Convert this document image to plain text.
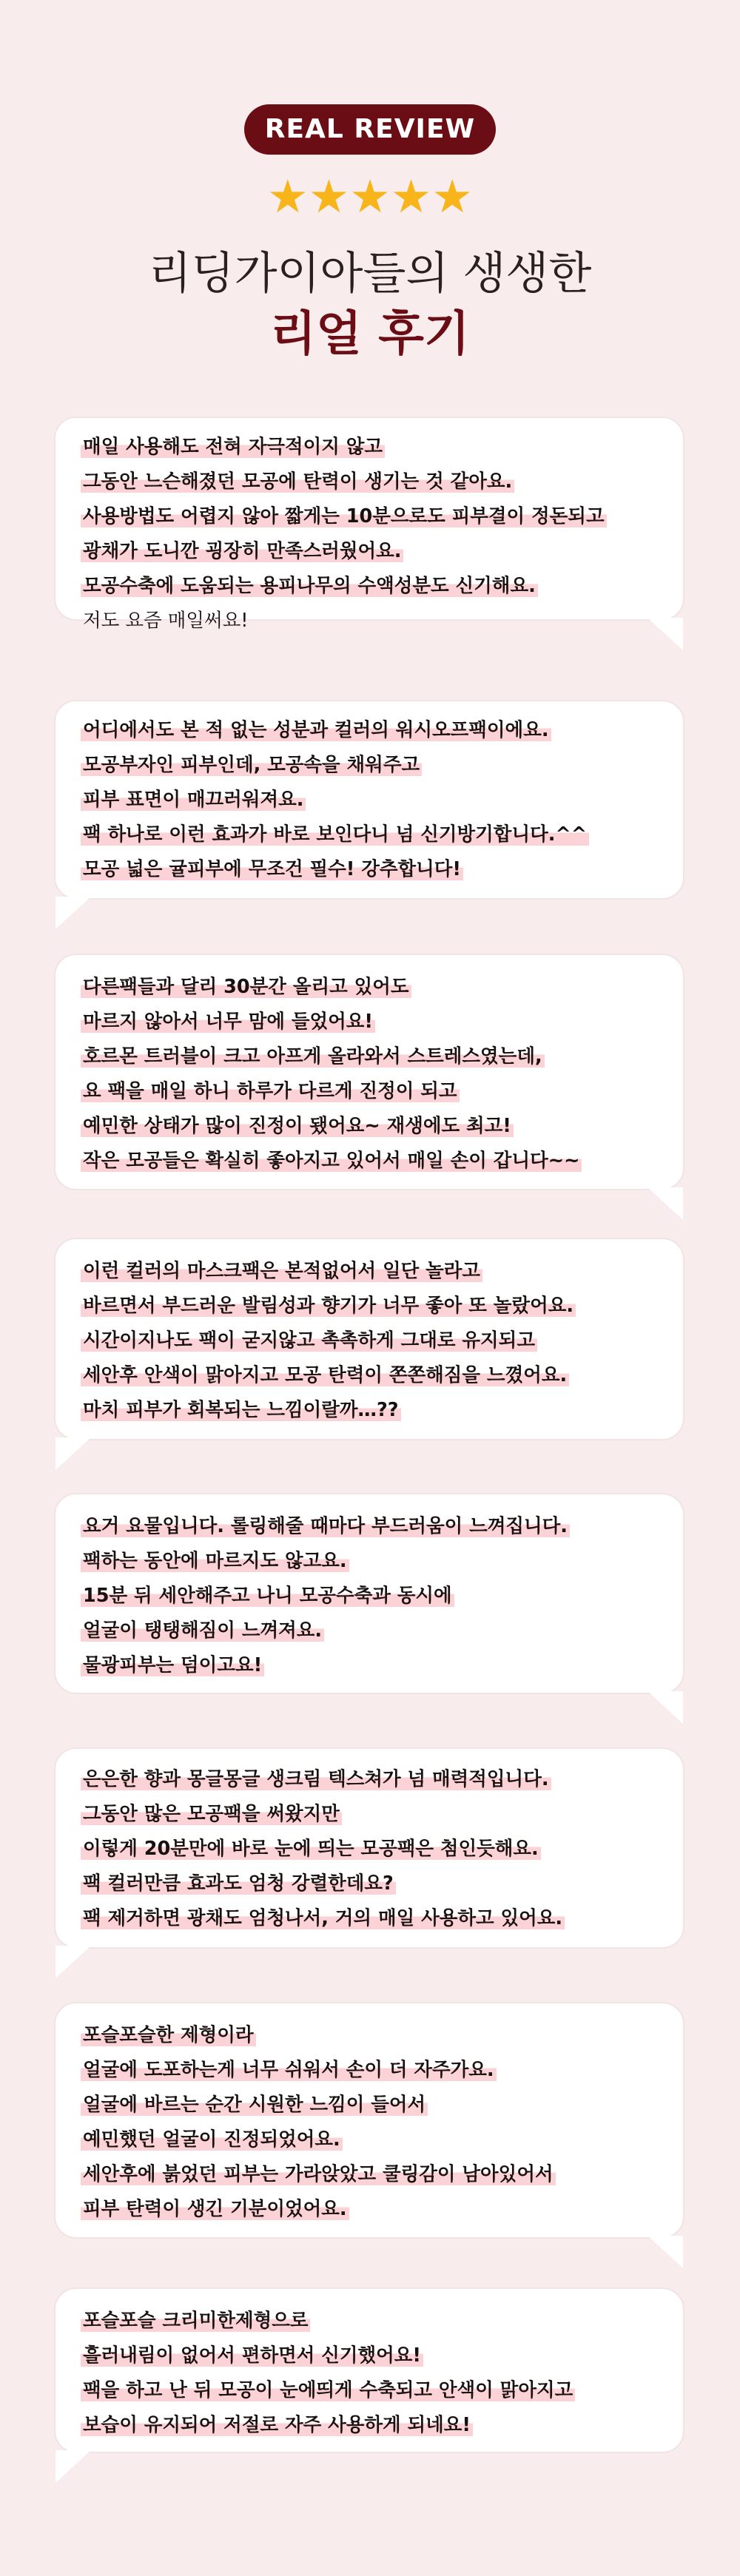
REAL REVIEW
★★★★★
리딩가이아들의 생생한
리얼 후기
매일 사용해도 전혀 자극적이지 않고
그동안 느슨해졌던 모공에 탄력이 생기는 것 같아요.
사용방법도 어렵지 않아 짧게는 10분으로도 피부결이 정돈되고
광채가 도니깐 굉장히 만족스러웠어요.
모공수축에 도움되는 용피나무의 수액성분도 신기해요.
저도 요즘 매일써요!
어디에서도 본 적 없는 성분과 컬러의 워시오프팩이에요.
모공부자인 피부인데, 모공속을 채워주고
피부 표면이 매끄러워져요.
팩 하나로 이런 효과가 바로 보인다니 넘 신기방기합니다.^^
모공 넓은 귤피부에 무조건 필수! 강추합니다!
다른팩들과 달리 30분간 올리고 있어도
마르지 않아서 너무 맘에 들었어요!
호르몬 트러블이 크고 아프게 올라와서 스트레스였는데,
요 팩을 매일 하니 하루가 다르게 진정이 되고
예민한 상태가 많이 진정이 됐어요~ 재생에도 최고!
작은 모공들은 확실히 좋아지고 있어서 매일 손이 갑니다~~
이런 컬러의 마스크팩은 본적없어서 일단 놀라고
바르면서 부드러운 발림성과 향기가 너무 좋아 또 놀랐어요.
시간이지나도 팩이 굳지않고 촉촉하게 그대로 유지되고
세안후 안색이 맑아지고 모공 탄력이 쫀쫀해짐을 느꼈어요.
마치 피부가 회복되는 느낌이랄까…??
요거 요물입니다. 롤링해줄 때마다 부드러움이 느껴집니다.
팩하는 동안에 마르지도 않고요.
15분 뒤 세안해주고 나니 모공수축과 동시에
얼굴이 탱탱해짐이 느껴져요.
물광피부는 덤이고요!
은은한 향과 몽글몽글 생크림 텍스쳐가 넘 매력적입니다.
그동안 많은 모공팩을 써왔지만
이렇게 20분만에 바로 눈에 띄는 모공팩은 첨인듯해요.
팩 컬러만큼 효과도 엄청 강렬한데요?
팩 제거하면 광채도 엄청나서, 거의 매일 사용하고 있어요.
포슬포슬한 제형이라
얼굴에 도포하는게 너무 쉬워서 손이 더 자주가요.
얼굴에 바르는 순간 시원한 느낌이 들어서
예민했던 얼굴이 진정되었어요.
세안후에 붉었던 피부는 가라앉았고 쿨링감이 남아있어서
피부 탄력이 생긴 기분이었어요.
포슬포슬 크리미한제형으로
흘러내림이 없어서 편하면서 신기했어요!
팩을 하고 난 뒤 모공이 눈에띄게 수축되고 안색이 맑아지고
보습이 유지되어 저절로 자주 사용하게 되네요!
